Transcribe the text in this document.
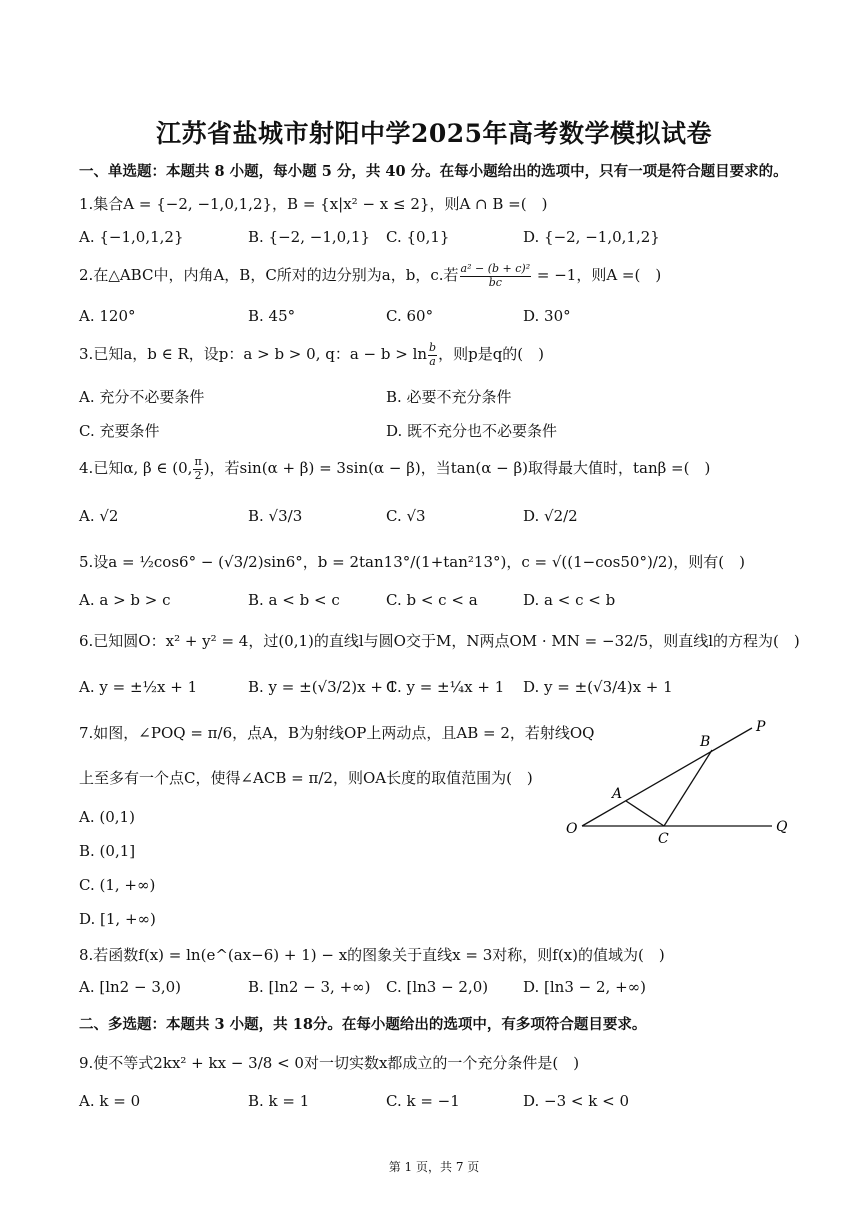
江苏省盐城市射阳中学2025年高考数学模拟试卷
一、单选题：本题共 8 小题，每小题 5 分，共 40 分。在每小题给出的选项中，只有一项是符合题目要求的。
1.集合A = {−2, −1,0,1,2}，B = {x|x² − x ≤ 2}，则A ∩ B =(　)
A. {−1,0,1,2}	B. {−2, −1,0,1} C. {0,1}	D. {−2, −1,0,1,2}
2.在△ABC中，内角A，B，C所对的边分别为a，b，c.若 $\frac{\text{a² − (b + c)²}}{bc} = -1$，则A =(　)
A. 120°	B. 45°	C. 60°	D. 30°
3.已知a，b ∈ R，设p：a > b > 0, q：$a - b > \ln \frac{b}{a}$ ，则p是q的(　)
A. 充分不必要条件	B. 必要不充分条件
C. 充要条件	D. 既不充分也不必要条件
4.已知α, β ∈ (0, $\frac{\pi}{2}$ )，若sin(α + β) = 3sin(α − β)，当tan(α − β)取得最大值时，tanβ =(　)
A. √2	B. √3/3	C. √3	D. √2/2
5.设a = ½cos6° − (√3/2)sin6°，b = 2tan13°/(1+tan²13°)，c = √((1−cos50°)/2)，则有(　)
A. a > b > c	B. a < b < c	C. b < c < a	D. a < c < b
6.已知圆O：x² + y² = 4，过(0,1)的直线l与圆O交于M，N两点OM · MN = −32/5，则直线l的方程为(　)
A. y = ±½x + 1	B. y = ±(√3/2)x + 1
C. y = ±¼x + 1 D. y = ±(√3/4)x + 1
7.如图，∠POQ = π/6，点A，B为射线OP上两动点，且AB = 2，若射线OQ
上至多有一个点C，使得∠ACB = π/2，则OA长度的取值范围为(　)
A. (0,1)
B. (0,1]
C. (1, +∞)
D. [1, +∞)
P
B
A
O
C
Q
8.若函数f(x) = ln(e^(ax−6) + 1) − x的图象关于直线x = 3对称，则f(x)的值域为(　)
A. [ln2 − 3,0)	B. [ln2 − 3, +∞) C. [ln3 − 2,0) D. [ln3 − 2, +∞)
二、多选题：本题共 3 小题，共 18分。在每小题给出的选项中，有多项符合题目要求。
9.使不等式2kx² + kx − 3/8 < 0对一切实数x都成立的一个充分条件是(　)
A. k = 0	B. k = 1	C. k = −1	D. −3 < k < 0
第 1 页，共 7 页
